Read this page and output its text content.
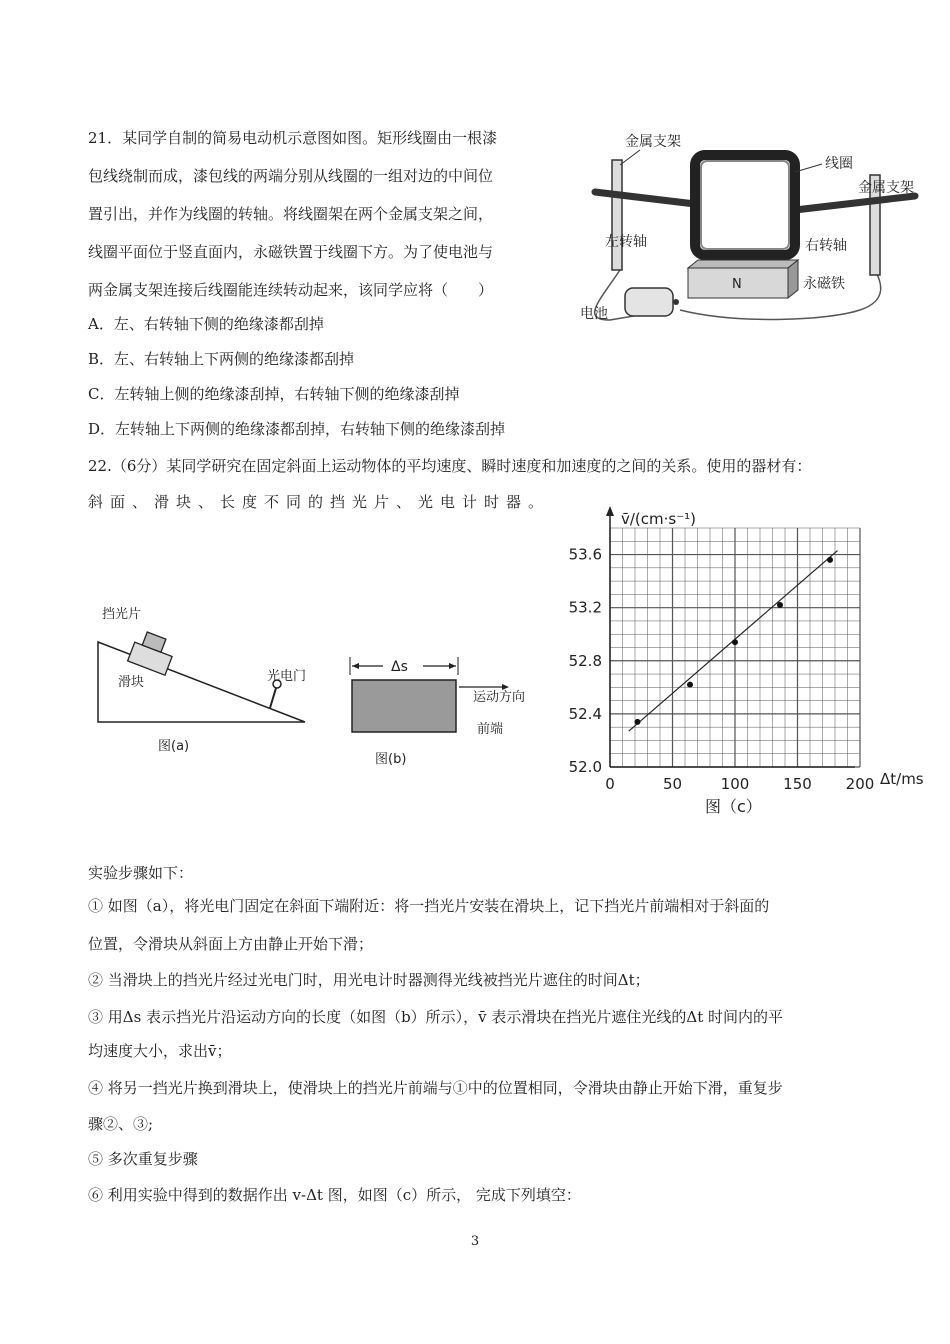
21．某同学自制的简易电动机示意图如图。矩形线圈由一根漆
包线绕制而成，漆包线的两端分别从线圈的一组对边的中间位
置引出，并作为线圈的转轴。将线圈架在两个金属支架之间，
线圈平面位于竖直面内，永磁铁置于线圈下方。为了使电池与
两金属支架连接后线圈能连续转动起来，该同学应将（　　）
A．左、右转轴下侧的绝缘漆都刮掉
B．左、右转轴上下两侧的绝缘漆都刮掉
C．左转轴上侧的绝缘漆刮掉，右转轴下侧的绝缘漆刮掉
D．左转轴上下两侧的绝缘漆都刮掉，右转轴下侧的绝缘漆刮掉
N
金属支架
线圈
金属支架
左转轴	右转轴
永磁铁
电池
22.（6分）某同学研究在固定斜面上运动物体的平均速度、瞬时速度和加速度的之间的关系。使用的器材有：
斜面、滑块、长度不同的挡光片、光电计时器。
挡光片
滑块	光电门
图(a)
Δs
运动方向
前端
图(b)
v̄/(cm·s⁻¹)
Δt/ms
0	50	100 150 200
52.0
52.4
52.8
53.2
53.6
图（c）
实验步骤如下：
① 如图（a），将光电门固定在斜面下端附近：将一挡光片安装在滑块上，记下挡光片前端相对于斜面的
位置，令滑块从斜面上方由静止开始下滑；
② 当滑块上的挡光片经过光电门时，用光电计时器测得光线被挡光片遮住的时间Δt；
③ 用Δs 表示挡光片沿运动方向的长度（如图（b）所示），v̄ 表示滑块在挡光片遮住光线的Δt 时间内的平
均速度大小，求出v̄；
④ 将另一挡光片换到滑块上，使滑块上的挡光片前端与①中的位置相同，令滑块由静止开始下滑，重复步
骤②、③;
⑤ 多次重复步骤
⑥ 利用实验中得到的数据作出 v-Δt 图，如图（c）所示， 完成下列填空：
3
